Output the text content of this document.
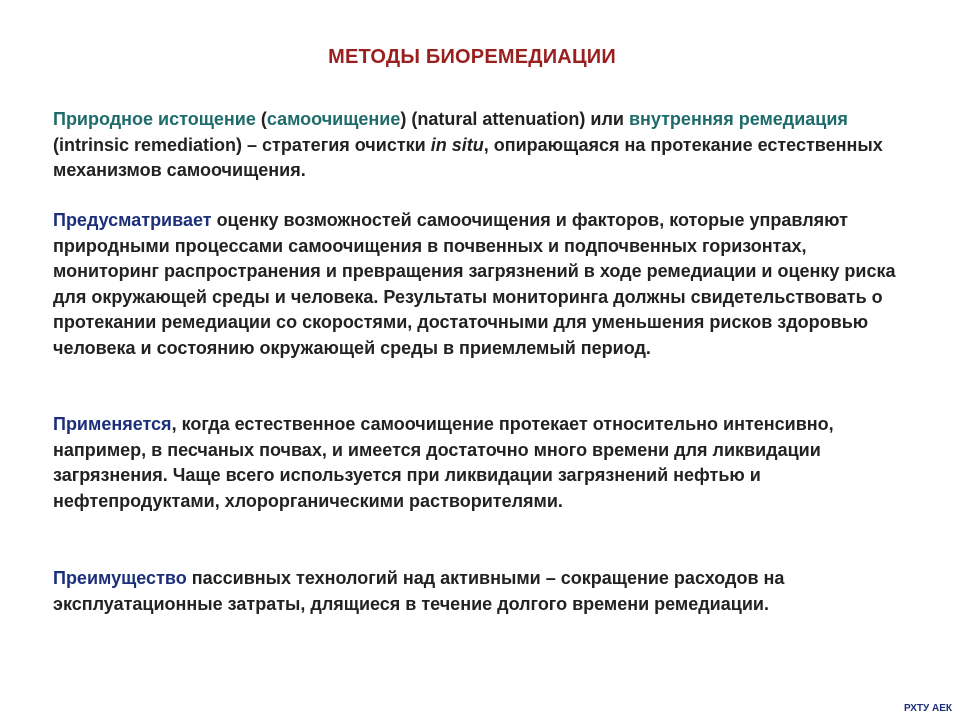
МЕТОДЫ БИОРЕМЕДИАЦИИ
Природное истощение (самоочищение) (natural attenuation) или внутренняя ремедиация (intrinsic remediation) – стратегия очистки in situ, опирающаяся на протекание естественных механизмов самоочищения.
Предусматривает оценку возможностей самоочищения и факторов, которые управляют природными процессами самоочищения в почвенных и подпочвенных горизонтах, мониторинг распространения и превращения загрязнений в ходе ремедиации и оценку риска для окружающей среды и человека. Результаты мониторинга должны свидетельствовать о протекании ремедиации со скоростями, достаточными для уменьшения рисков здоровью человека и состоянию окружающей среды в приемлемый период.
Применяется, когда естественное самоочищение протекает относительно интенсивно, например, в песчаных почвах, и имеется достаточно много времени для ликвидации загрязнения. Чаще всего используется при ликвидации загрязнений нефтью и нефтепродуктами, хлорорганическими растворителями.
Преимущество пассивных технологий над активными – сокращение расходов на эксплуатационные затраты, длящиеся в течение долгого времени ремедиации.
РХТУ АЕК
